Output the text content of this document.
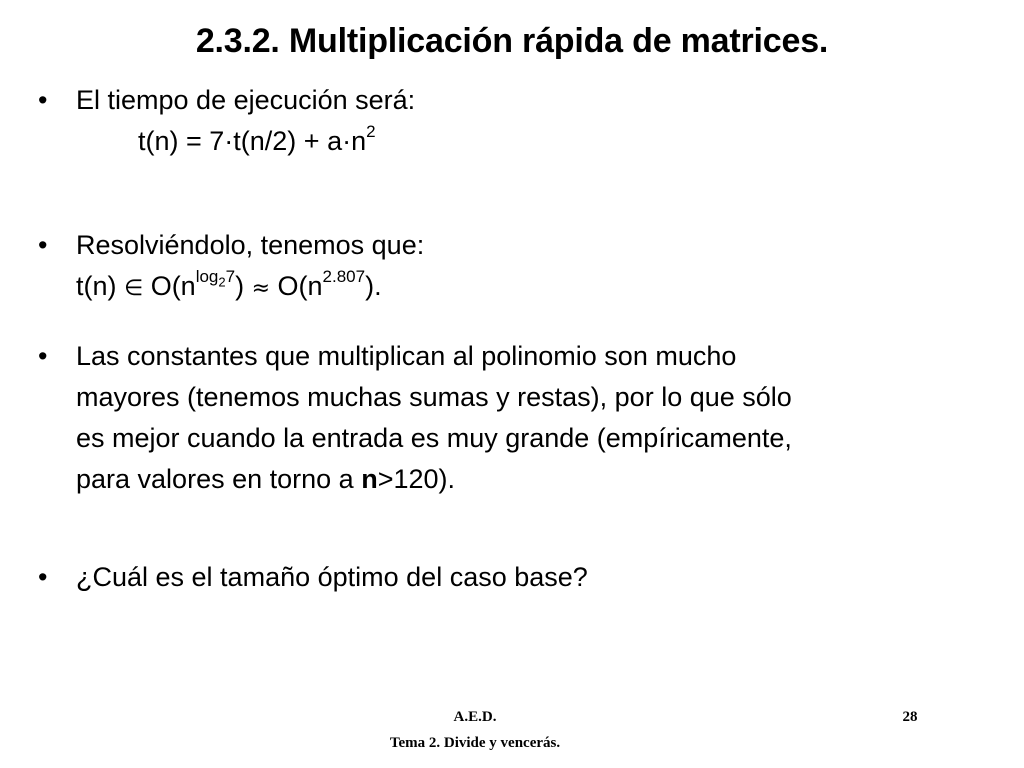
2.3.2. Multiplicación rápida de matrices.
•	El tiempo de ejecución será:
$t(n) = 7\cdot t(n/2) + a\cdot n^2$
•	Resolviéndolo, tenemos que:
t(n) ∈ $O(n^{log_27}) \approx O(n^{2.807})$.
•	Las constantes que multiplican al polinomio son mucho
mayores (tenemos muchas sumas y restas), por lo que sólo
es mejor cuando la entrada es muy grande (empíricamente,
para valores en torno a n>120).
•	¿Cuál es el tamaño óptimo del caso base?
A.E.D.
Tema 2. Divide y vencerás.
28
